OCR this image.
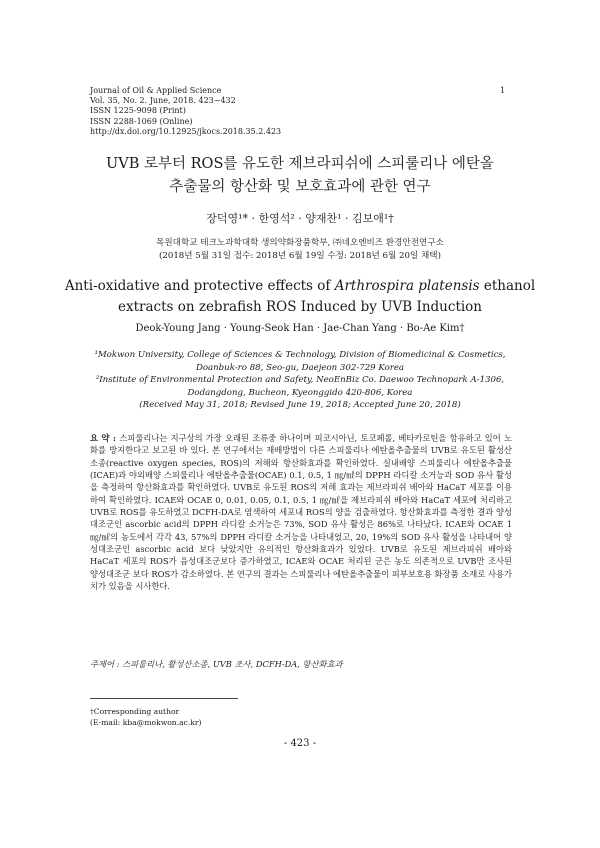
Journal of Oil & Applied Science
Vol. 35, No. 2. June, 2018. 423~432
ISSN 1225-9098 (Print)
ISSN 2288-1069 (Online)
http://dx.doi.org/10.12925/jkocs.2018.35.2.423
1
UVB 로부터 ROS를 유도한 제브라피쉬에 스피룰리나 에탄올
추출물의 항산화 및 보호효과에 관한 연구
장덕영¹* · 한영석² · 양재찬¹ · 김보애¹†
목원대학교 테크노과학대학 생의약화장품학부, ㈜네오엔비즈 환경안전연구소
(2018년 5월 31일 접수: 2018년 6월 19일 수정: 2018년 6월 20일 채택)
Anti-oxidative and protective effects of Arthrospira platensis ethanol
extracts on zebrafish ROS Induced by UVB Induction
Deok-Young Jang · Young-Seok Han · Jae-Chan Yang · Bo-Ae Kim†
¹Mokwon University, College of Sciences & Technology, Division of Biomedicinal & Cosmetics,
Doanbuk-ro 88, Seo-gu, Daejeon 302-729 Korea
²Institute of Environmental Protection and Safety, NeoEnBiz Co. Daewoo Technopark A-1306,
Dodangdong, Bucheon, Kyeonggido 420-806, Korea
(Received May 31, 2018; Revised June 19, 2018; Accepted June 20, 2018)
요 약 : 스피룰리나는 지구상의 가장 오래된 조류중 하나이며 피코시아닌, 토코페롤, 베타카로틴을 함유하고 있어 노화를 방지한다고 보고된 바 있다. 본 연구에서는 재배방법이 다른 스피룰리나 에탄올추출물의 UVB로 유도된 활성산소종(reactive oxygen species, ROS)의 저해와 항산화효과를 확인하였다. 실내배양 스피룰리나 에탄올추출물(ICAE)과 야외배양 스피룰리나 에탄올추출물(OCAE) 0.1, 0.5, 1 ㎎/㎖의 DPPH 라디칼 소거능과 SOD 유사 활성을 측정하여 항산화효과를 확인하였다. UVB로 유도된 ROS의 저해 효과는 제브라피쉬 배아와 HaCaT 세포를 이용하여 확인하였다. ICAE와 OCAE 0, 0.01, 0.05, 0.1, 0.5, 1 ㎎/㎖을 제브라피쉬 배아와 HaCaT 세포에 처리하고 UVB로 ROS를 유도하였고 DCFH-DA로 염색하여 세포내 ROS의 양을 검출하였다. 항산화효과를 측정한 결과 양성대조군인 ascorbic acid의 DPPH 라디칼 소거능은 73%, SOD 유사 활성은 86%로 나타났다. ICAE와 OCAE 1 ㎎/㎖의 농도에서 각각 43, 57%의 DPPH 라디칼 소거능을 나타내었고, 20, 19%의 SOD 유사 활성을 나타내어 양성대조군인 ascorbic acid 보다 낮았지만 유의적인 항산화효과가 있었다. UVB로 유도된 제브라피쉬 배아와 HaCaT 세포의 ROS가 음성대조군보다 증가하였고, ICAE와 OCAE 처리된 군은 농도 의존적으로 UVB만 조사된 양성대조군 보다 ROS가 감소하였다. 본 연구의 결과는 스피룰리나 에탄올추출물이 피부보호용 화장품 소재로 사용가치가 있음을 시사한다.
주제어 : 스피룰리나, 활성산소종, UVB 조사, DCFH-DA, 항산화효과
†Corresponding author
(E-mail: kba@mokwon.ac.kr)
- 423 -
